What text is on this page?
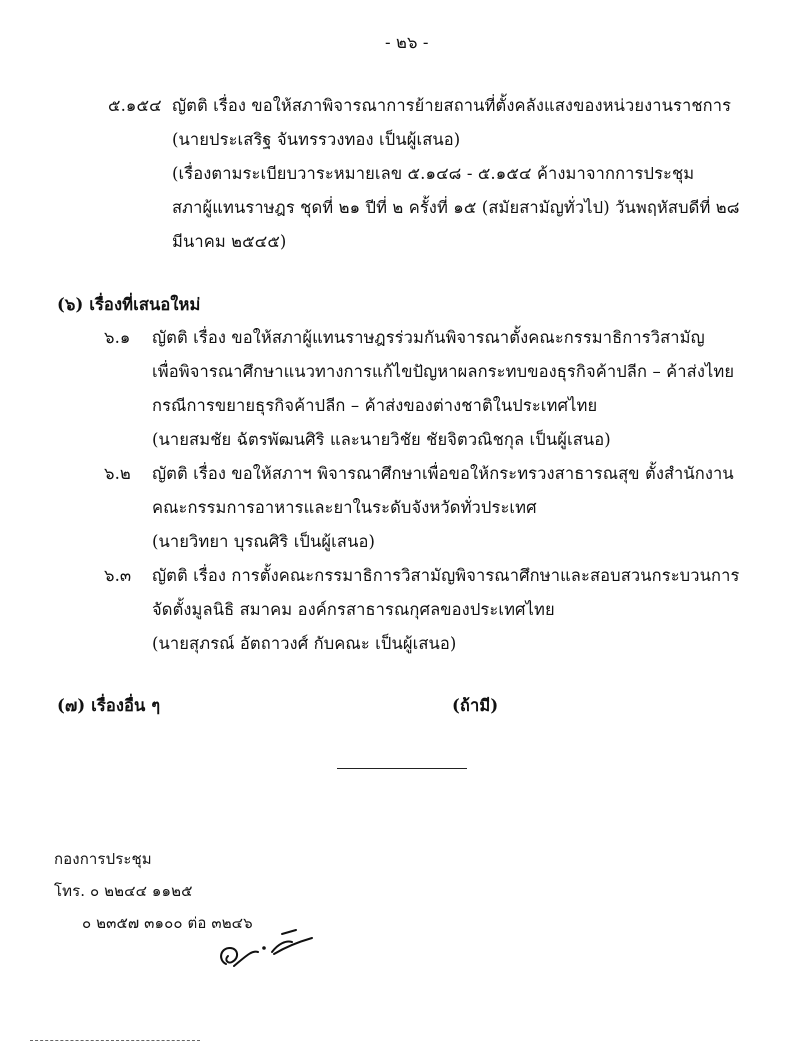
- ๒๖ -
๕.๑๕๔ ญัตติ เรื่อง ขอให้สภาพิจารณาการย้ายสถานที่ตั้งคลังแสงของหน่วยงานราชการ
(นายประเสริฐ จันทรรวงทอง เป็นผู้เสนอ)
(เรื่องตามระเบียบวาระหมายเลข ๕.๑๔๘ - ๕.๑๕๔ ค้างมาจากการประชุม
สภาผู้แทนราษฎร ชุดที่ ๒๑ ปีที่ ๒ ครั้งที่ ๑๕ (สมัยสามัญทั่วไป) วันพฤหัสบดีที่ ๒๘
มีนาคม ๒๕๔๕)
(๖) เรื่องที่เสนอใหม่
๖.๑ ญัตติ เรื่อง ขอให้สภาผู้แทนราษฎรร่วมกันพิจารณาตั้งคณะกรรมาธิการวิสามัญ
เพื่อพิจารณาศึกษาแนวทางการแก้ไขปัญหาผลกระทบของธุรกิจค้าปลีก – ค้าส่งไทย
กรณีการขยายธุรกิจค้าปลีก – ค้าส่งของต่างชาติในประเทศไทย
(นายสมชัย ฉัตรพัฒนศิริ และนายวิชัย ชัยจิตวณิชกุล เป็นผู้เสนอ)
๖.๒ ญัตติ เรื่อง ขอให้สภาฯ พิจารณาศึกษาเพื่อขอให้กระทรวงสาธารณสุข ตั้งสำนักงาน
คณะกรรมการอาหารและยาในระดับจังหวัดทั่วประเทศ
(นายวิทยา บุรณศิริ เป็นผู้เสนอ)
๖.๓ ญัตติ เรื่อง การตั้งคณะกรรมาธิการวิสามัญพิจารณาศึกษาและสอบสวนกระบวนการ
จัดตั้งมูลนิธิ สมาคม องค์กรสาธารณกุศลของประเทศไทย
(นายสุภรณ์ อัตถาวงศ์ กับคณะ เป็นผู้เสนอ)
(๗) เรื่องอื่น ๆ	(ถ้ามี)
กองการประชุม
โทร. ๐ ๒๒๔๔ ๑๑๒๕
๐ ๒๓๕๗ ๓๑๐๐ ต่อ ๓๒๔๖
